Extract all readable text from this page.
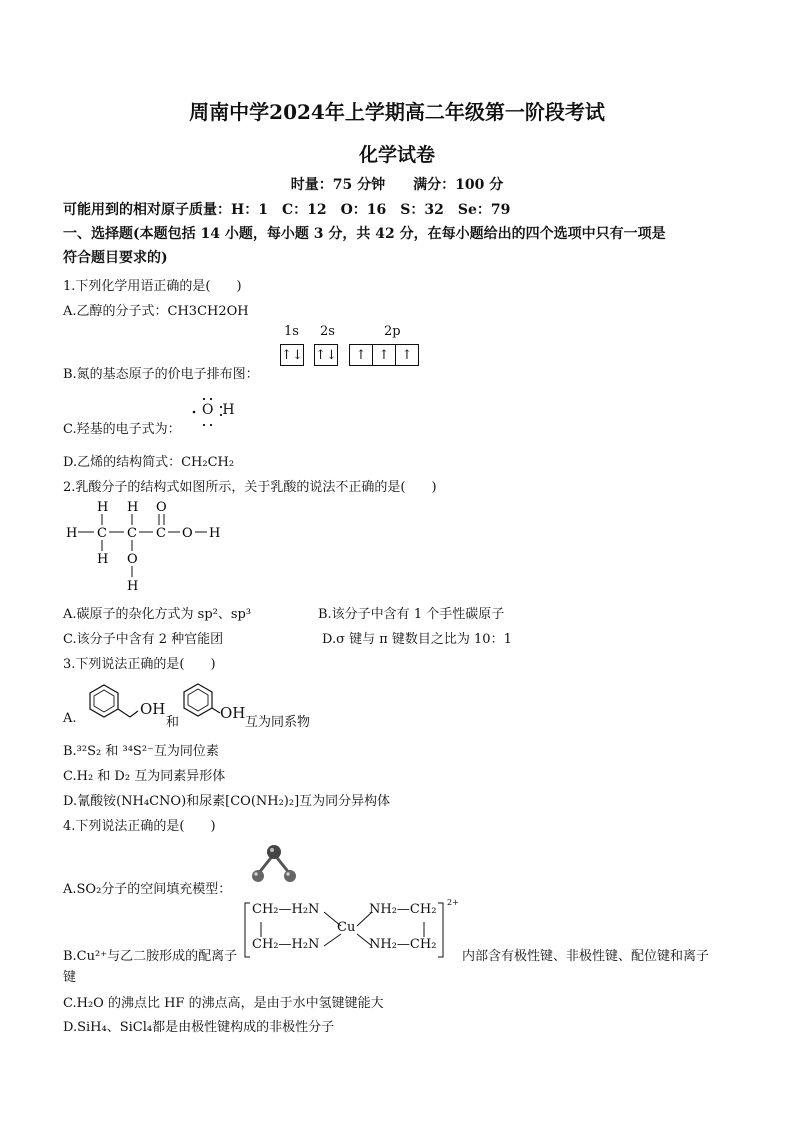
周南中学2024年上学期高二年级第一阶段考试
化学试卷
时量：75 分钟　　满分：100 分
可能用到的相对原子质量：H：1　C：12　O：16　S：32　Se：79
一、选择题(本题包括 14 小题，每小题 3 分，共 42 分，在每小题给出的四个选项中只有一项是
符合题目要求的)
1.下列化学用语正确的是(　　)
A.乙醇的分子式：CH3CH2OH
B.氮的基态原子的价电子排布图：
1s 2s	2p
↑↓ ↑↓	↑ ↑ ↑
C.羟基的电子式为：
O  H
D.乙烯的结构简式：CH₂CH₂
2.乳酸分子的结构式如图所示，关于乳酸的说法不正确的是(　　)
H C C C O H
H
H
H
O
H
O
A.碳原子的杂化方式为 sp²、sp³	B.该分子中含有 1 个手性碳原子
C.该分子中含有 2 种官能团	D.σ 键与 π 键数目之比为 10：1
3.下列说法正确的是(　　)
A.
OH
和
OH
互为同系物
B.³²S₂ 和 ³⁴S²⁻互为同位素
C.H₂ 和 D₂ 互为同素异形体
D.氰酸铵(NH₄CNO)和尿素[CO(NH₂)₂]互为同分异构体
4.下列说法正确的是(　　)
A.SO₂分子的空间填充模型：
B.Cu²⁺与乙二胺形成的配离子
CH₂—H₂N
CH₂—H₂N
Cu
NH₂—CH₂
NH₂—CH₂
2+
内部含有极性键、非极性键、配位键和离子
键
C.H₂O 的沸点比 HF 的沸点高，是由于水中氢键键能大
D.SiH₄、SiCl₄都是由极性键构成的非极性分子
